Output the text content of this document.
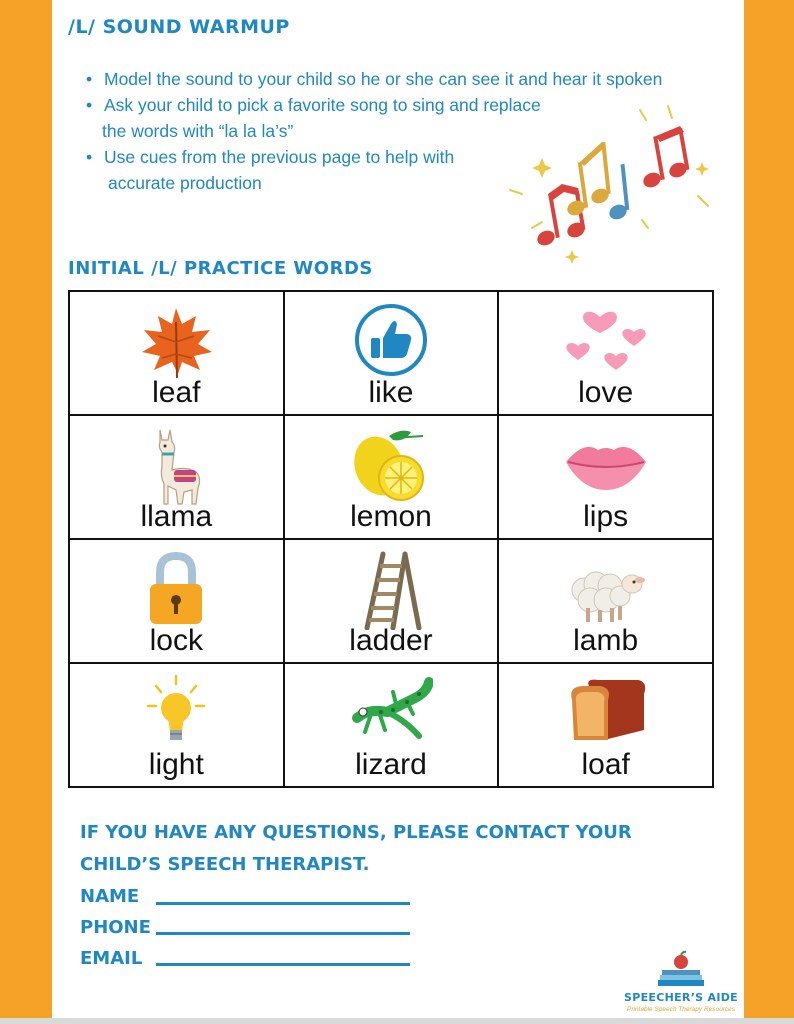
/L/ SOUND WARMUP
• Model the sound to your child so he or she can see it and hear it spoken
• Ask your child to pick a favorite song to sing and replace
the words with “la la la’s”
• Use cues from the previous page to help with
accurate production
INITIAL /L/ PRACTICE WORDS
leaf	like	love

llama	lemon	lips

lock	ladder	lamb

light	lizard	loaf
IF YOU HAVE ANY QUESTIONS, PLEASE CONTACT YOUR
CHILD’S SPEECH THERAPIST.
NAME
PHONE
EMAIL
SPEECHER’S AIDE
Printable Speech Therapy Resources
